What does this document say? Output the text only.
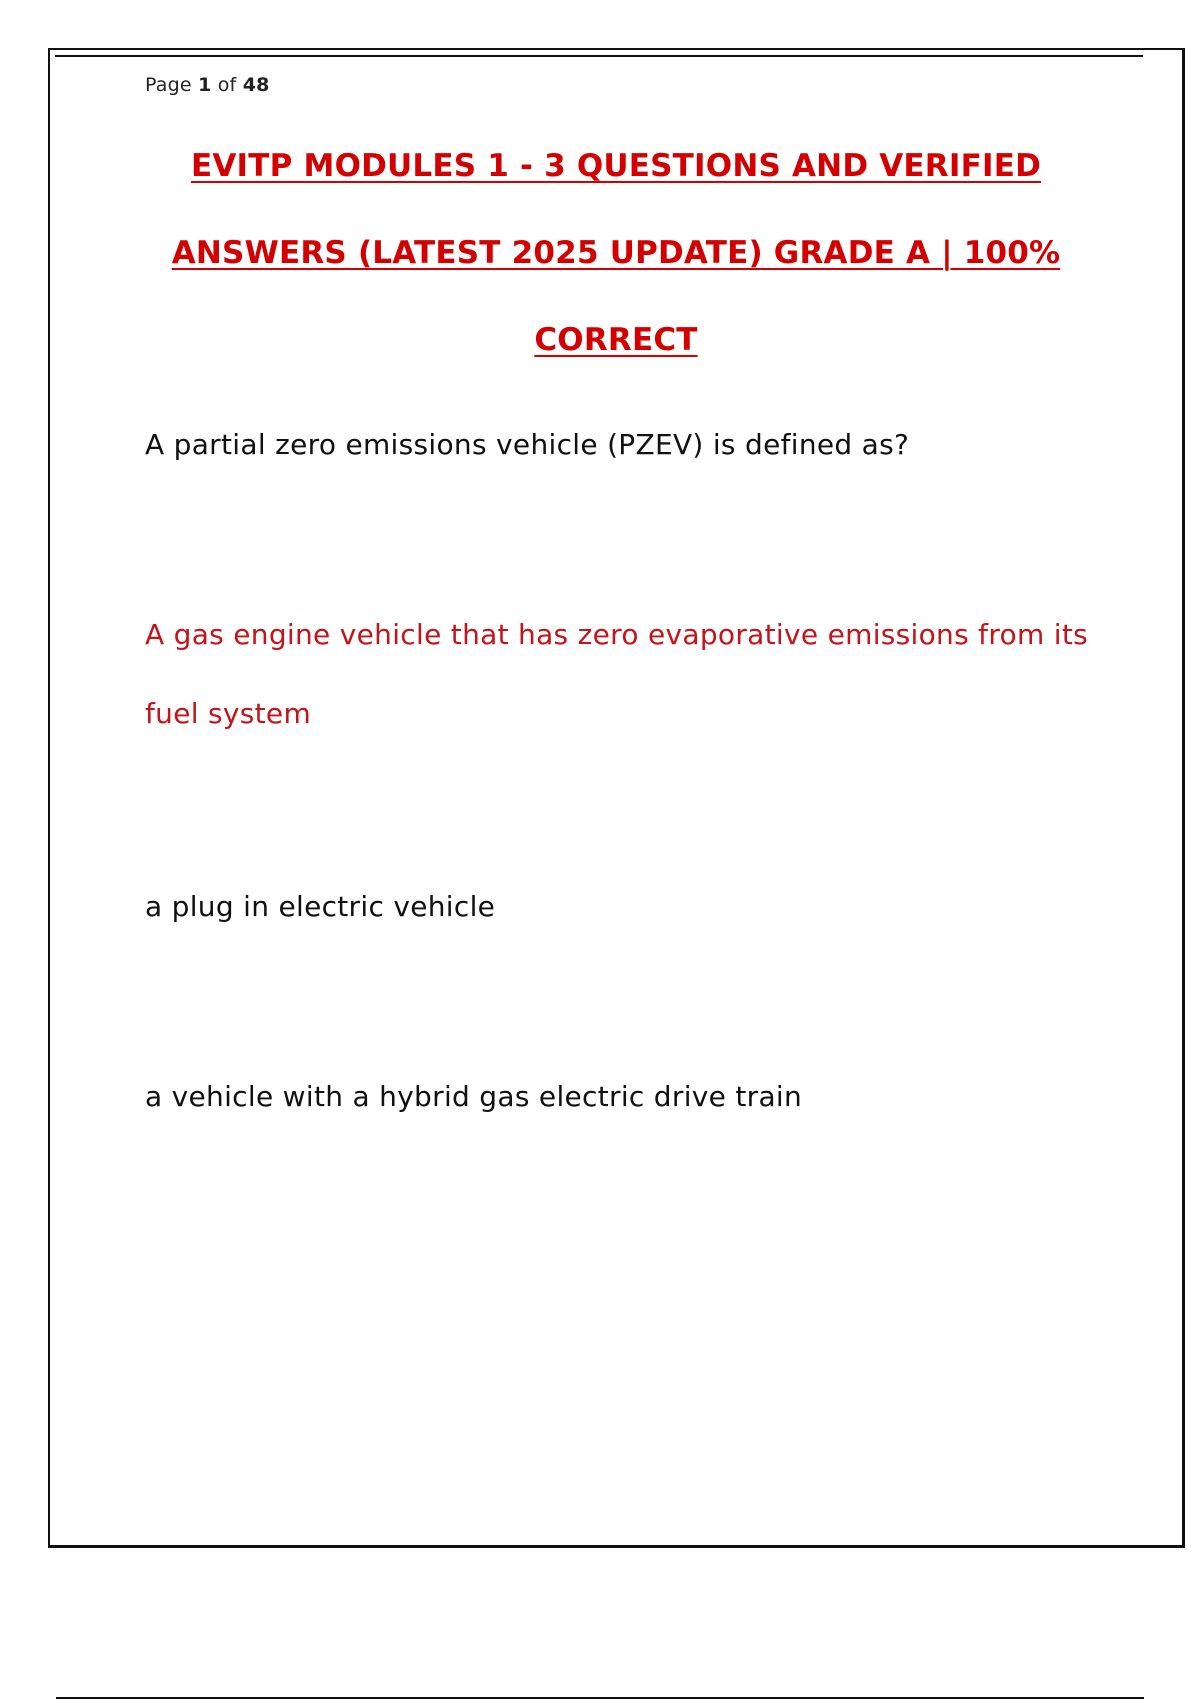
Page 1 of 48
EVITP MODULES 1 - 3 QUESTIONS AND VERIFIED
ANSWERS (LATEST 2025 UPDATE) GRADE A | 100%
CORRECT
A partial zero emissions vehicle (PZEV) is defined as?
A gas engine vehicle that has zero evaporative emissions from its
fuel system
a plug in electric vehicle
a vehicle with a hybrid gas electric drive train
